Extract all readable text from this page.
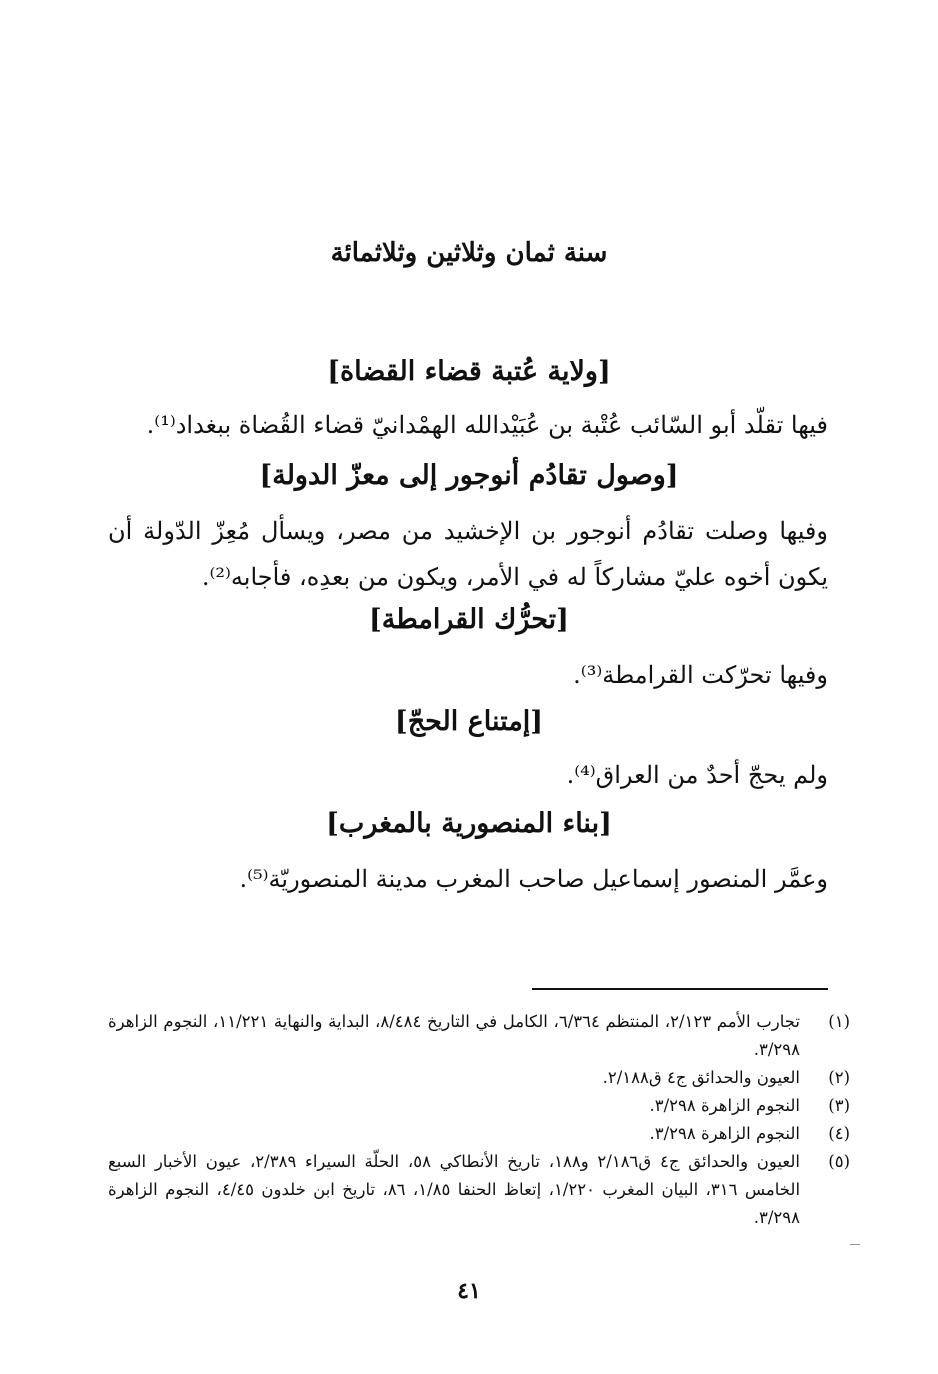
سنة ثمان وثلاثين وثلاثمائة
[ولاية عُتبة قضاء القضاة]
فيها تقلّد أبو السّائب عُتْبة بن عُبَيْدالله الهمْدانيّ قضاء القُضاة ببغداد⁽¹⁾.
[وصول تقادُم أنوجور إلى معزّ الدولة]
وفيها وصلت تقادُم أنوجور بن الإخشيد من مصر، ويسأل مُعِزّ الدّولة أن يكون أخوه عليّ مشاركاً له في الأمر، ويكون من بعدِه، فأجابه⁽²⁾.
[تحرُّك القرامطة]
وفيها تحرّكت القرامطة⁽³⁾.
[إمتناع الحجّ]
ولم يحجّ أحدٌ من العراق⁽⁴⁾.
[بناء المنصورية بالمغرب]
وعمَّر المنصور إسماعيل صاحب المغرب مدينة المنصوريّة⁽⁵⁾.
(١)
تجارب الأمم ٢/١٢٣، المنتظم ٦/٣٦٤، الكامل في التاريخ ٨/٤٨٤، البداية والنهاية ١١/٢٢١، النجوم الزاهرة ٣/٢٩٨.
(٢)
العيون والحدائق ج٤ ق٢/١٨٨.
(٣)
النجوم الزاهرة ٣/٢٩٨.
(٤)
النجوم الزاهرة ٣/٢٩٨.
(٥)
العيون والحدائق ج٤ ق٢/١٨٦ و١٨٨، تاريخ الأنطاكي ٥٨، الحلّة السيراء ٢/٣٨٩، عيون الأخبار السبع الخامس ٣١٦، البيان المغرب ١/٢٢٠، إتعاظ الحنفا ١/٨٥، ٨٦، تاريخ ابن خلدون ٤/٤٥، النجوم الزاهرة ٣/٢٩٨.
٤١
